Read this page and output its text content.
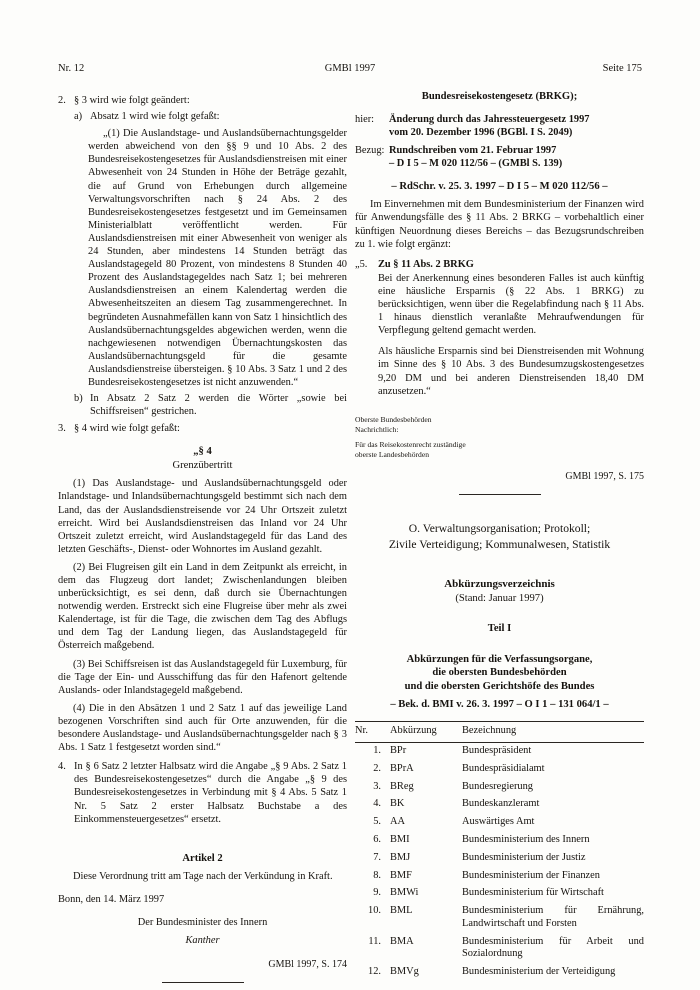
Nr. 12	GMBl 1997	Seite 175
2. § 3 wird wie folgt geändert:
a) Absatz 1 wird wie folgt gefaßt:
„(1) Die Auslandstage- und Auslandsübernachtungsgelder werden abweichend von den §§ 9 und 10 Abs. 2 des Bundesreisekostengesetzes für Auslandsdienstreisen mit einer Abwesenheit von 24 Stunden in Höhe der Beträge gezahlt, die auf Grund von Erhebungen durch allgemeine Verwaltungsvorschriften nach § 24 Abs. 2 des Bundesreisekostengesetzes festgesetzt und im Gemeinsamen Ministerialblatt veröffentlicht werden. Für Auslandsdienstreisen mit einer Abwesenheit von weniger als 24 Stunden, aber mindestens 14 Stunden beträgt das Auslandstagegeld 80 Prozent, von mindestens 8 Stunden 40 Prozent des Auslandstagegeldes nach Satz 1; bei mehreren Auslandsdienstreisen an einem Kalendertag werden die Abwesenheitszeiten an diesem Tag zusammengerechnet. In begründeten Ausnahmefällen kann von Satz 1 hinsichtlich des Auslandsübernachtungsgeldes abgewichen werden, wenn die nachgewiesenen notwendigen Übernachtungskosten das Auslandsübernachtungsgeld für die gesamte Auslandsdienstreise übersteigen. § 10 Abs. 3 Satz 1 und 2 des Bundesreisekostengesetzes ist nicht anzuwenden.“
b) In Absatz 2 Satz 2 werden die Wörter „sowie bei Schiffsreisen“ gestrichen.
3. § 4 wird wie folgt gefaßt:
„§ 4
Grenzübertritt

(1) Das Auslandstage- und Auslandsübernachtungsgeld oder Inlandstage- und Inlandsübernachtungsgeld bestimmt sich nach dem Land, das der Auslandsdienstreisende vor 24 Uhr Ortszeit zuletzt erreicht. Wird bei Auslandsdienstreisen das Inland vor 24 Uhr Ortszeit zuletzt erreicht, wird Auslandstagegeld für das Land des letzten Geschäfts-, Dienst- oder Wohnortes im Ausland gezahlt.

(2) Bei Flugreisen gilt ein Land in dem Zeitpunkt als erreicht, in dem das Flugzeug dort landet; Zwischenlandungen bleiben unberücksichtigt, es sei denn, daß durch sie Übernachtungen notwendig werden. Erstreckt sich eine Flugreise über mehr als zwei Kalendertage, ist für die Tage, die zwischen dem Tag des Abflugs und dem Tag der Landung liegen, das Auslandstagegeld für Österreich maßgebend.

(3) Bei Schiffsreisen ist das Auslandstagegeld für Luxemburg, für die Tage der Ein- und Ausschiffung das für den Hafenort geltende Auslands- oder Inlandstagegeld maßgebend.

(4) Die in den Absätzen 1 und 2 Satz 1 auf das jeweilige Land bezogenen Vorschriften sind auch für Orte anzuwenden, für die besondere Auslandstage- und Auslandsübernachtungsgelder nach § 3 Abs. 1 Satz 1 festgesetzt worden sind.“

4. In § 6 Satz 2 letzter Halbsatz wird die Angabe „§ 9 Abs. 2 Satz 1 des Bundesreisekostengesetzes“ durch die Angabe „§ 9 des Bundesreisekostengesetzes in Verbindung mit § 4 Abs. 5 Satz 1 Nr. 5 Satz 2 erster Halbsatz Buchstabe a des Einkommensteuergesetzes“ ersetzt.
Artikel 2

Diese Verordnung tritt am Tage nach der Verkündung in Kraft.

Bonn, den 14. März 1997

Der Bundesminister des Innern
Kanther
GMBl 1997, S. 174
Bundesreisekostengesetz (BRKG);
hier:	Änderung durch das Jahressteuergesetz 1997
vom 20. Dezember 1996 (BGBl. I S. 2049)
Bezug: Rundschreiben vom 21. Februar 1997
– D I 5 – M 020 112/56 – (GMBl S. 139)
– RdSchr. v. 25. 3. 1997 – D I 5 – M 020 112/56 –

Im Einvernehmen mit dem Bundesministerium der Finanzen wird für Anwendungsfälle des § 11 Abs. 2 BRKG – vorbehaltlich einer künftigen Neuordnung dieses Bereichs – das Bezugsrundschreiben zu 1. wie folgt ergänzt:

„5.	Zu § 11 Abs. 2 BRKG

Bei der Anerkennung eines besonderen Falles ist auch künftig eine häusliche Ersparnis (§ 22 Abs. 1 BRKG) zu berücksichtigen, wenn über die Regelabfindung nach § 11 Abs. 1 hinaus dienstlich veranlaßte Mehraufwendungen für Verpflegung geltend gemacht werden.

Als häusliche Ersparnis sind bei Dienstreisenden mit Wohnung im Sinne des § 10 Abs. 3 des Bundesumzugskostengesetzes 9,20 DM und bei anderen Dienstreisenden 18,40 DM anzusetzen.“

Oberste Bundesbehörden
Nachrichtlich:
Für das Reisekostenrecht zuständige
oberste Landesbehörden
GMBl 1997, S. 175
O. Verwaltungsorganisation; Protokoll;
Zivile Verteidigung; Kommunalwesen, Statistik
Abkürzungsverzeichnis
(Stand: Januar 1997)
Teil I
Abkürzungen für die Verfassungsorgane,
die obersten Bundesbehörden
und die obersten Gerichtshöfe des Bundes
– Bek. d. BMI v. 26. 3. 1997 – O I 1 – 131 064/1 –
Nr.	Abkürzung	Bezeichnung
1.	BPr	Bundespräsident
2.	BPrA	Bundespräsidialamt
3.	BReg	Bundesregierung
4.	BK	Bundeskanzleramt
5.	AA	Auswärtiges Amt
6.	BMI	Bundesministerium des Innern
7.	BMJ	Bundesministerium der Justiz
8.	BMF	Bundesministerium der Finanzen
9.	BMWi	Bundesministerium für Wirtschaft
10.	BML	Bundesministerium für Ernährung, Landwirtschaft und Forsten
11.	BMA	Bundesministerium für Arbeit und Sozialordnung
12.	BMVg	Bundesministerium der Verteidigung
